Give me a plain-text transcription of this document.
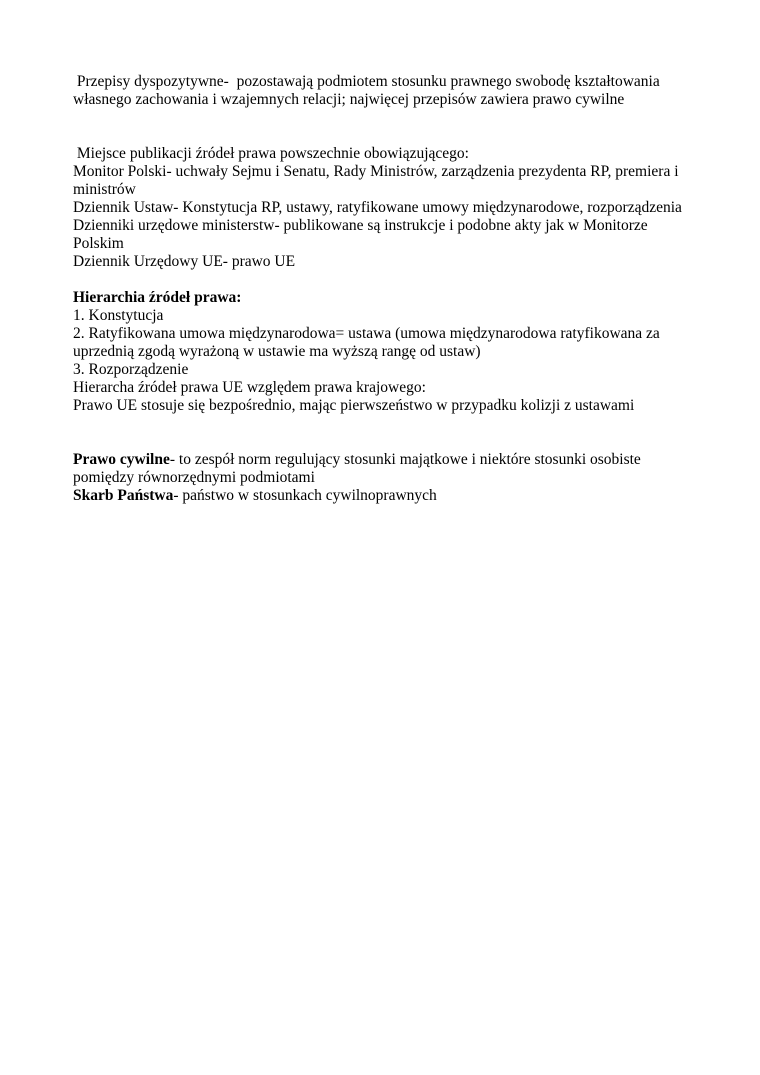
Przepisy dyspozytywne-  pozostawają podmiotem stosunku prawnego swobodę kształtowania
własnego zachowania i wzajemnych relacji; najwięcej przepisów zawiera prawo cywilne
Miejsce publikacji źródeł prawa powszechnie obowiązującego:
Monitor Polski- uchwały Sejmu i Senatu, Rady Ministrów, zarządzenia prezydenta RP, premiera i
ministrów
Dziennik Ustaw- Konstytucja RP, ustawy, ratyfikowane umowy międzynarodowe, rozporządzenia
Dzienniki urzędowe ministerstw- publikowane są instrukcje i podobne akty jak w Monitorze
Polskim
Dziennik Urzędowy UE- prawo UE
Hierarchia źródeł prawa:
1. Konstytucja
2. Ratyfikowana umowa międzynarodowa= ustawa (umowa międzynarodowa ratyfikowana za
uprzednią zgodą wyrażoną w ustawie ma wyższą rangę od ustaw)
3. Rozporządzenie
Hierarcha źródeł prawa UE względem prawa krajowego:
Prawo UE stosuje się bezpośrednio, mając pierwszeństwo w przypadku kolizji z ustawami
Prawo cywilne- to zespół norm regulujący stosunki majątkowe i niektóre stosunki osobiste
pomiędzy równorzędnymi podmiotami
Skarb Państwa- państwo w stosunkach cywilnoprawnych
